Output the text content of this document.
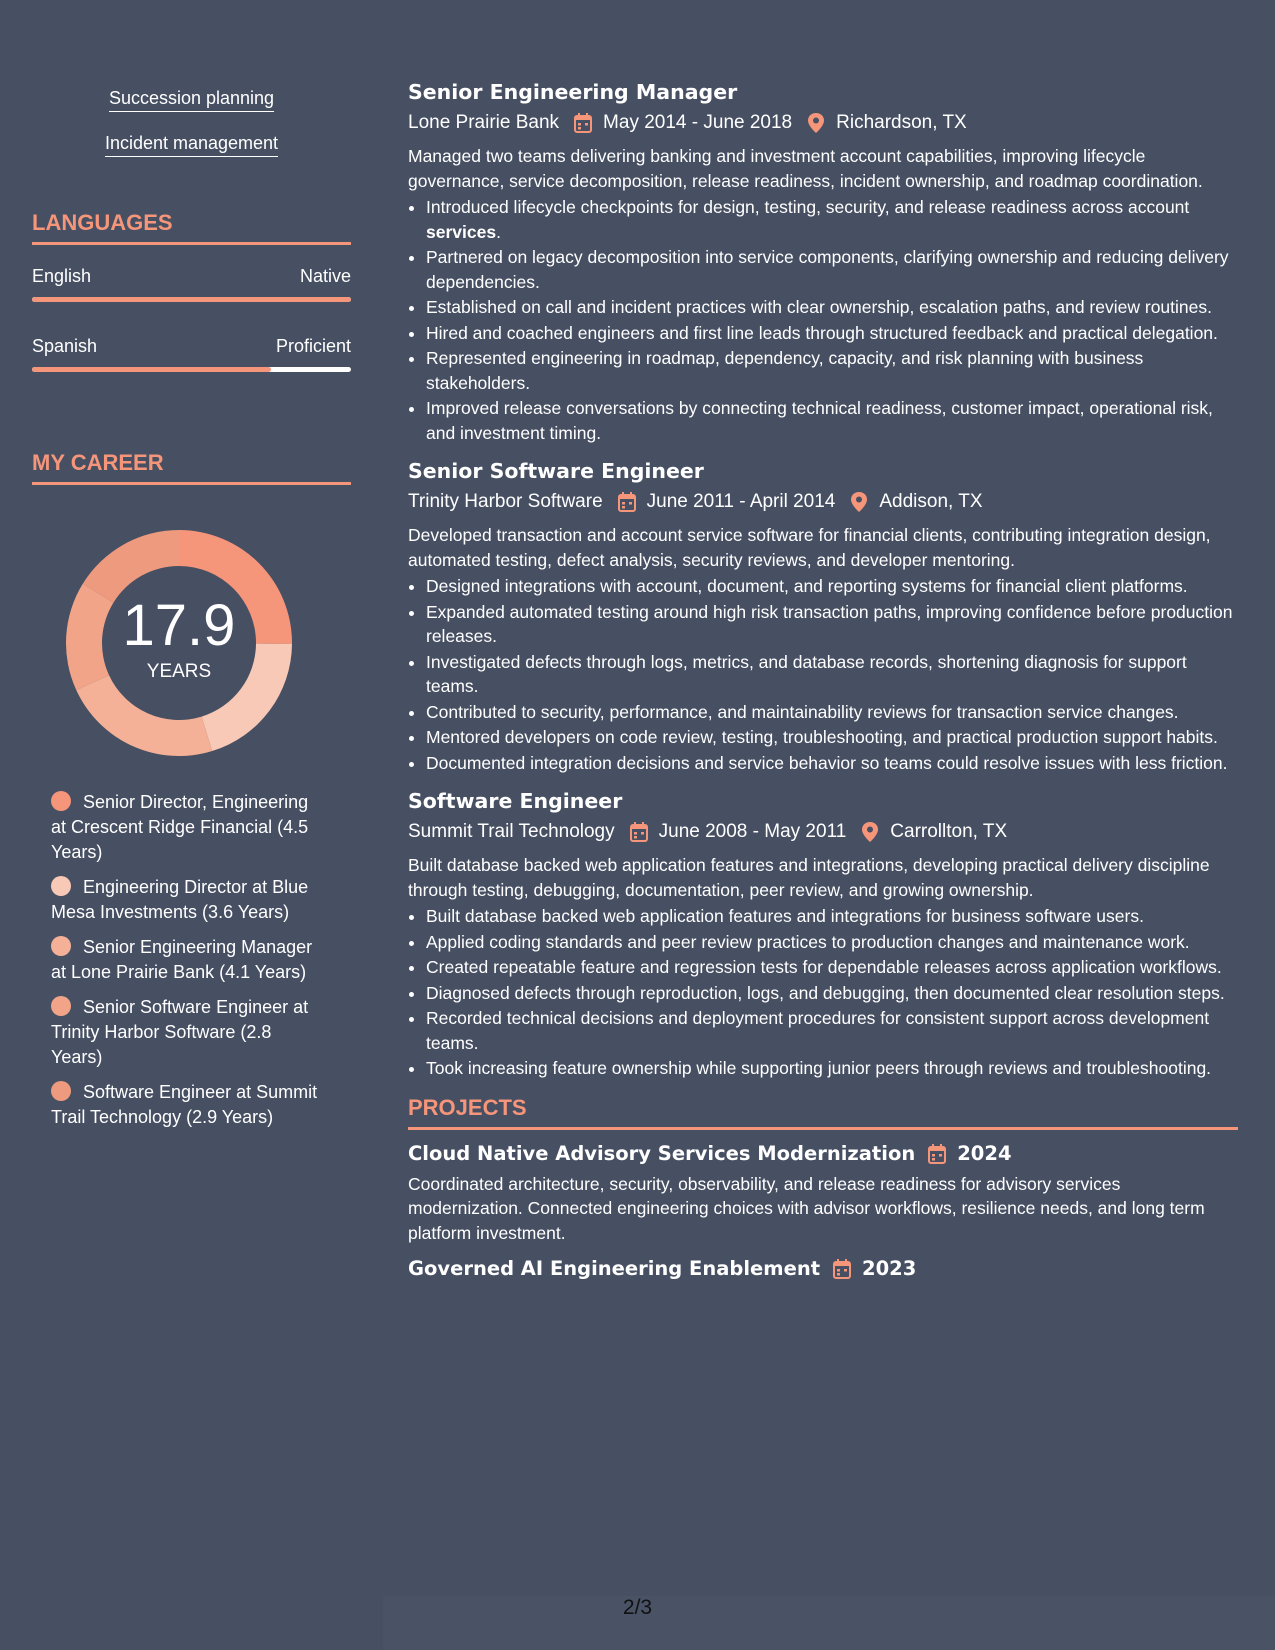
Succession planning
Incident management
LANGUAGES
English	Native
Spanish	Proficient
MY CAREER
17.9
YEARS
Senior Director, Engineering at Crescent Ridge Financial (4.5 Years)
Engineering Director at Blue Mesa Investments (3.6 Years)
Senior Engineering Manager at Lone Prairie Bank (4.1 Years)
Senior Software Engineer at Trinity Harbor Software (2.8 Years)
Software Engineer at Summit Trail Technology (2.9 Years)
Senior Engineering Manager
Lone Prairie Bank May 2014 - June 2018 Richardson, TX

Managed two teams delivering banking and investment account capabilities, improving lifecycle governance, service decomposition, release readiness, incident ownership, and roadmap coordination.

• Introduced lifecycle checkpoints for design, testing, security, and release readiness across account services.
• Partnered on legacy decomposition into service components, clarifying ownership and reducing delivery dependencies.
• Established on call and incident practices with clear ownership, escalation paths, and review routines.
• Hired and coached engineers and first line leads through structured feedback and practical delegation.
• Represented engineering in roadmap, dependency, capacity, and risk planning with business stakeholders.
• Improved release conversations by connecting technical readiness, customer impact, operational risk, and investment timing.
Senior Software Engineer
Trinity Harbor Software June 2011 - April 2014 Addison, TX

Developed transaction and account service software for financial clients, contributing integration design, automated testing, defect analysis, security reviews, and developer mentoring.

• Designed integrations with account, document, and reporting systems for financial client platforms.
• Expanded automated testing around high risk transaction paths, improving confidence before production releases.
• Investigated defects through logs, metrics, and database records, shortening diagnosis for support teams.
• Contributed to security, performance, and maintainability reviews for transaction service changes.
• Mentored developers on code review, testing, troubleshooting, and practical production support habits.
• Documented integration decisions and service behavior so teams could resolve issues with less friction.
Software Engineer
Summit Trail Technology June 2008 - May 2011 Carrollton, TX

Built database backed web application features and integrations, developing practical delivery discipline through testing, debugging, documentation, peer review, and growing ownership.

• Built database backed web application features and integrations for business software users.
• Applied coding standards and peer review practices to production changes and maintenance work.
• Created repeatable feature and regression tests for dependable releases across application workflows.
• Diagnosed defects through reproduction, logs, and debugging, then documented clear resolution steps.
• Recorded technical decisions and deployment procedures for consistent support across development teams.
• Took increasing feature ownership while supporting junior peers through reviews and troubleshooting.
PROJECTS
Cloud Native Advisory Services Modernization 2024

Coordinated architecture, security, observability, and release readiness for advisory services modernization. Connected engineering choices with advisor workflows, resilience needs, and long term platform investment.

Governed AI Engineering Enablement 2023
2/3
